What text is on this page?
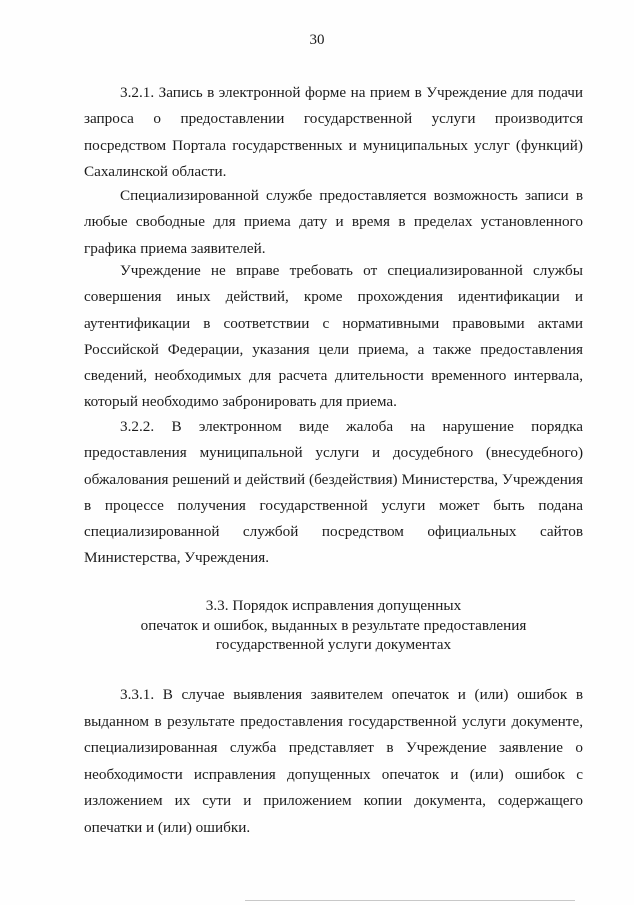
30

3.2.1. Запись в электронной форме на прием в Учреждение для подачи запроса о предоставлении государственной услуги производится посредством Портала государственных и муниципальных услуг (функций) Сахалинской области.

Специализированной службе предоставляется возможность записи в любые свободные для приема дату и время в пределах установленного графика приема заявителей.

Учреждение не вправе требовать от специализированной службы совершения иных действий, кроме прохождения идентификации и аутентификации в соответствии с нормативными правовыми актами Российской Федерации, указания цели приема, а также предоставления сведений, необходимых для расчета длительности временного интервала, который необходимо забронировать для приема.

3.2.2. В электронном виде жалоба на нарушение порядка предоставления муниципальной услуги и досудебного (внесудебного) обжалования решений и действий (бездействия) Министерства, Учреждения в процессе получения государственной услуги может быть подана специализированной службой посредством официальных сайтов Министерства, Учреждения.

3.3. Порядок исправления допущенных
опечаток и ошибок, выданных в результате предоставления
государственной услуги документах

3.3.1. В случае выявления заявителем опечаток и (или) ошибок в выданном в результате предоставления государственной услуги документе, специализированная служба представляет в Учреждение заявление о необходимости исправления допущенных опечаток и (или) ошибок с изложением их сути и приложением копии документа, содержащего опечатки и (или) ошибки.
